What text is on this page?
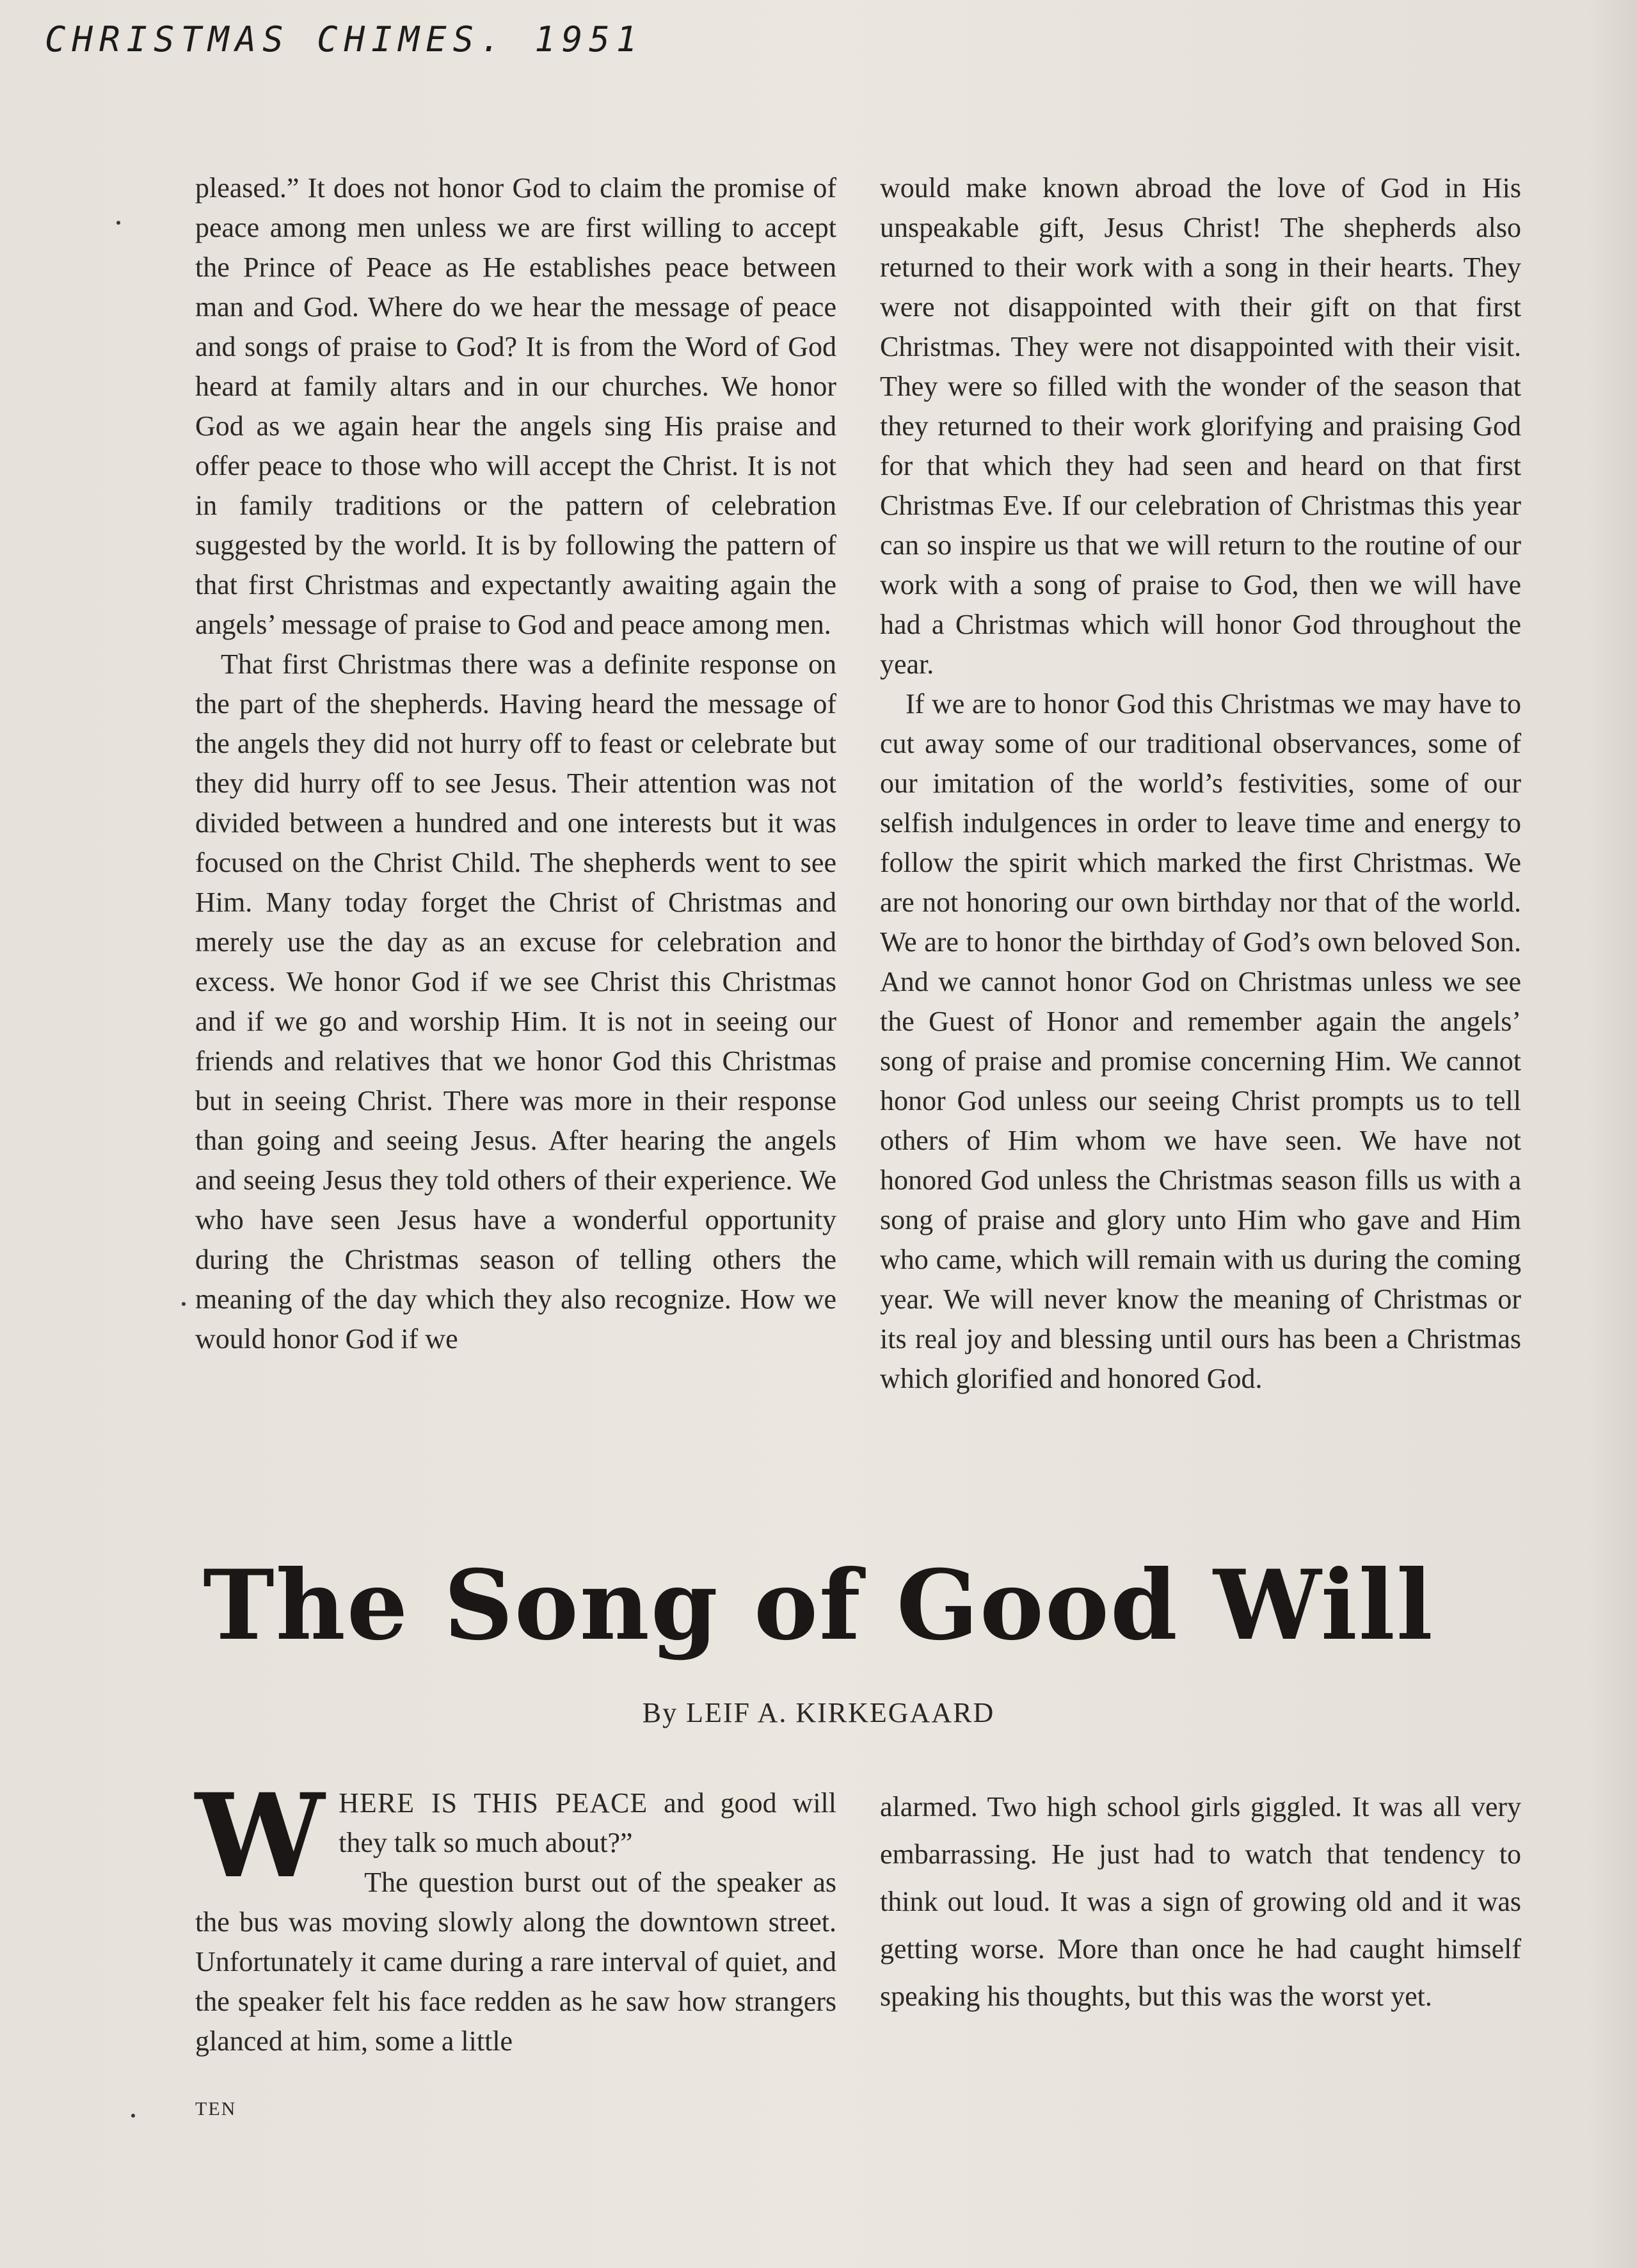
CHRISTMAS CHIMES. 1951

pleased.” It does not honor God to claim the promise of peace among men unless we are first willing to accept the Prince of Peace as He establishes peace between man and God. Where do we hear the message of peace and songs of praise to God? It is from the Word of God heard at family altars and in our churches. We honor God as we again hear the angels sing His praise and offer peace to those who will accept the Christ. It is not in family traditions or the pattern of celebration suggested by the world. It is by following the pattern of that first Christmas and expectantly awaiting again the angels’ message of praise to God and peace among men.

That first Christmas there was a definite response on the part of the shepherds. Having heard the message of the angels they did not hurry off to feast or celebrate but they did hurry off to see Jesus. Their attention was not divided between a hundred and one interests but it was focused on the Christ Child. The shepherds went to see Him. Many today forget the Christ of Christmas and merely use the day as an excuse for celebration and excess. We honor God if we see Christ this Christmas and if we go and worship Him. It is not in seeing our friends and relatives that we honor God this Christmas but in seeing Christ. There was more in their response than going and seeing Jesus. After hearing the angels and seeing Jesus they told others of their experience. We who have seen Jesus have a wonderful opportunity during the Christmas season of telling others the meaning of the day which they also recognize. How we would honor God if we

would make known abroad the love of God in His unspeakable gift, Jesus Christ! The shepherds also returned to their work with a song in their hearts. They were not disappointed with their gift on that first Christmas. They were not disappointed with their visit. They were so filled with the wonder of the season that they returned to their work glorifying and praising God for that which they had seen and heard on that first Christmas Eve. If our celebration of Christmas this year can so inspire us that we will return to the routine of our work with a song of praise to God, then we will have had a Christmas which will honor God throughout the year.

If we are to honor God this Christmas we may have to cut away some of our traditional observances, some of our imitation of the world’s festivities, some of our selfish indulgences in order to leave time and energy to follow the spirit which marked the first Christmas. We are not honoring our own birthday nor that of the world. We are to honor the birthday of God’s own beloved Son. And we cannot honor God on Christmas unless we see the Guest of Honor and remember again the angels’ song of praise and promise concerning Him. We cannot honor God unless our seeing Christ prompts us to tell others of Him whom we have seen. We have not honored God unless the Christmas season fills us with a song of praise and glory unto Him who gave and Him who came, which will remain with us during the coming year. We will never know the meaning of Christmas or its real joy and blessing until ours has been a Christmas which glorified and honored God.

The Song of Good Will
By LEIF A. KIRKEGAARD
W HERE IS THIS PEACE and good will they talk so much about?”

The question burst out of the speaker as the bus was moving slowly along the downtown street. Unfortunately it came during a rare interval of quiet, and the speaker felt his face redden as he saw how strangers glanced at him, some a little

alarmed. Two high school girls giggled. It was all very embarrassing. He just had to watch that tendency to think out loud. It was a sign of growing old and it was getting worse. More than once he had caught himself speaking his thoughts, but this was the worst yet.

TEN
